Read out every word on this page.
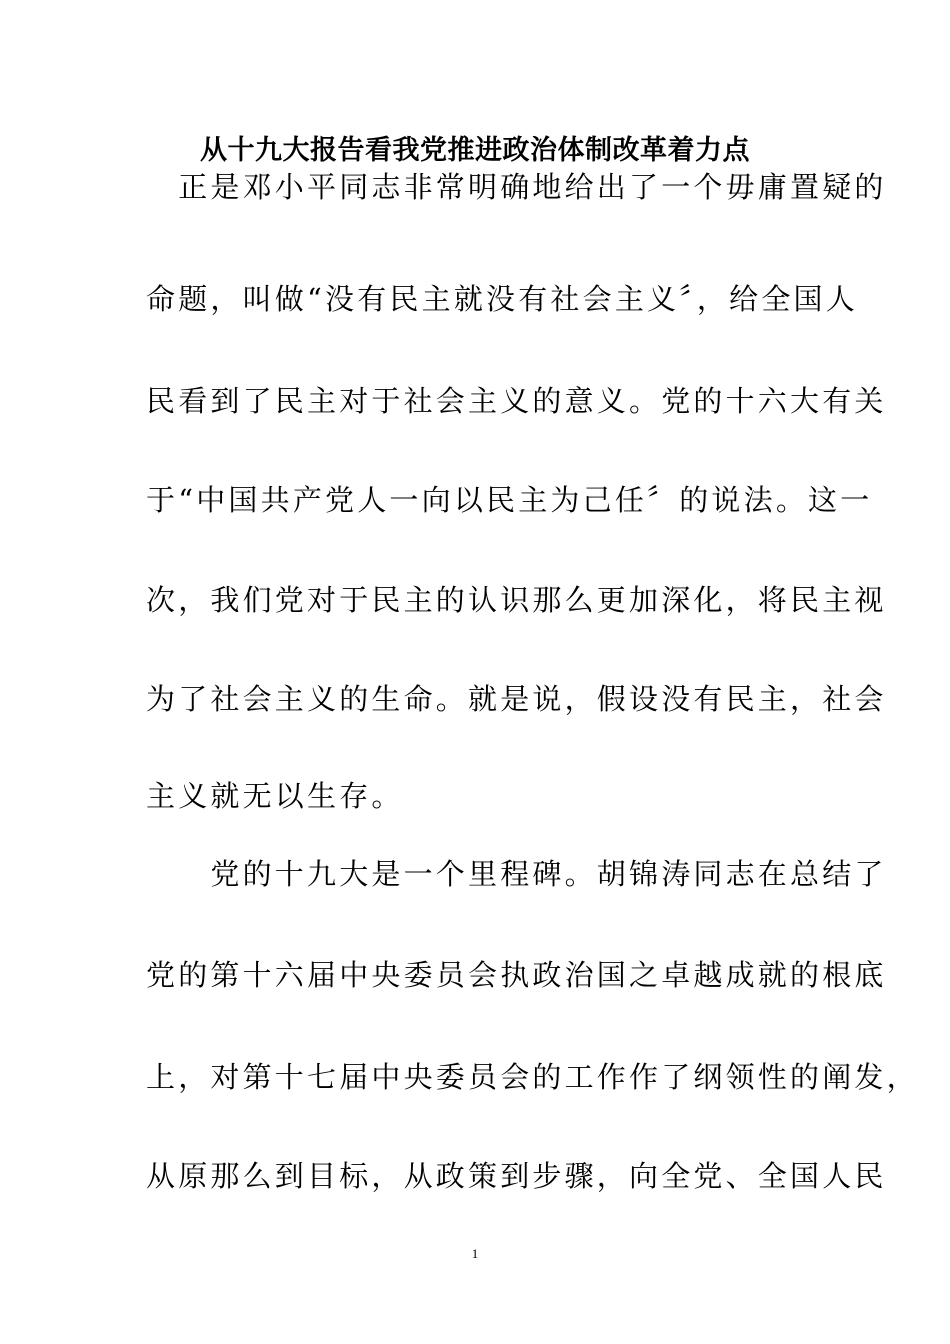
从十九大报告看我党推进政治体制改革着力点
　正是邓小平同志非常明确地给出了一个毋庸置疑的
命题，叫做“没有民主就没有社会主义〞，给全国人
民看到了民主对于社会主义的意义。党的十六大有关
于“中国共产党人一向以民主为己任〞的说法。这一
次，我们党对于民主的认识那么更加深化，将民主视
为了社会主义的生命。就是说，假设没有民主，社会
主义就无以生存。
　　党的十九大是一个里程碑。胡锦涛同志在总结了
党的第十六届中央委员会执政治国之卓越成就的根底
上，对第十七届中央委员会的工作作了纲领性的阐发，
从原那么到目标，从政策到步骤，向全党、全国人民
1
